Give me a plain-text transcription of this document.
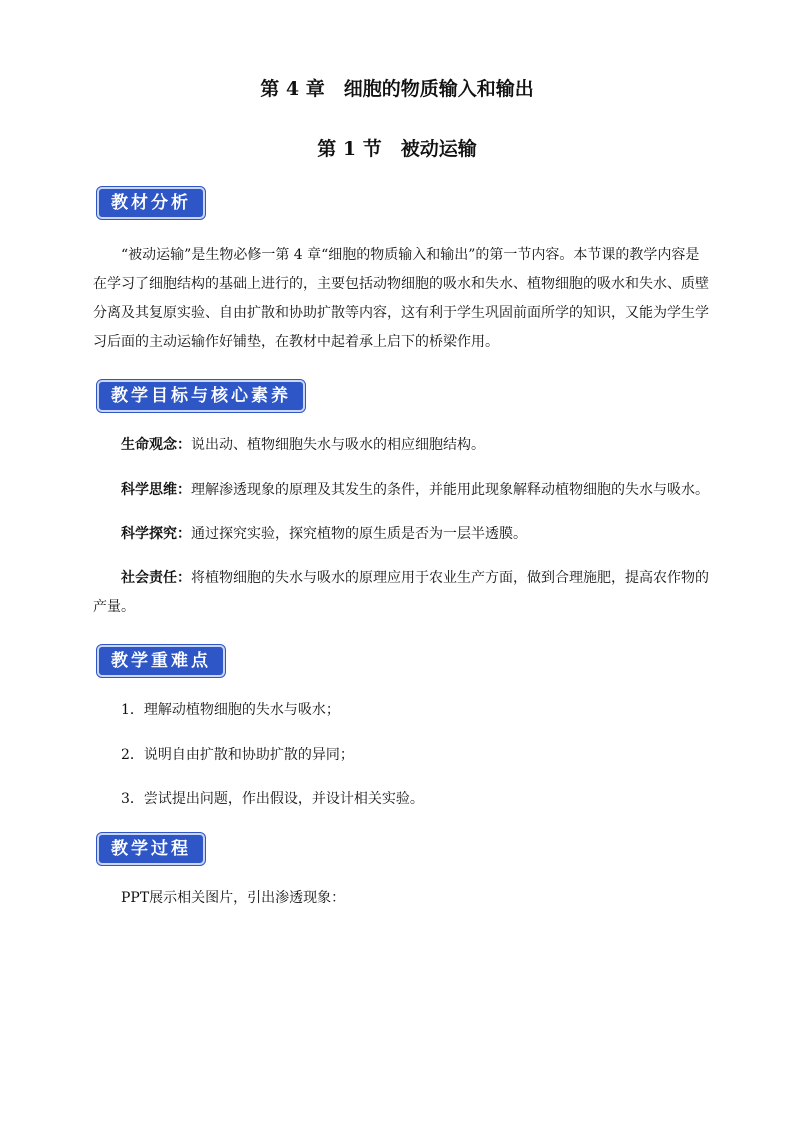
第 4 章　细胞的物质输入和输出
第 1 节　被动运输
教材分析

“被动运输”是生物必修一第 4 章“细胞的物质输入和输出”的第一节内容。本节课的教学内容是在学习了细胞结构的基础上进行的，主要包括动物细胞的吸水和失水、植物细胞的吸水和失水、质壁分离及其复原实验、自由扩散和协助扩散等内容，这有利于学生巩固前面所学的知识，又能为学生学习后面的主动运输作好铺垫，在教材中起着承上启下的桥梁作用。

教学目标与核心素养

生命观念：说出动、植物细胞失水与吸水的相应细胞结构。

科学思维：理解渗透现象的原理及其发生的条件，并能用此现象解释动植物细胞的失水与吸水。

科学探究：通过探究实验，探究植物的原生质是否为一层半透膜。

社会责任：将植物细胞的失水与吸水的原理应用于农业生产方面，做到合理施肥，提高农作物的产量。

教学重难点

1．理解动植物细胞的失水与吸水；

2．说明自由扩散和协助扩散的异同；

3．尝试提出问题，作出假设，并设计相关实验。

教学过程

PPT展示相关图片，引出渗透现象：
